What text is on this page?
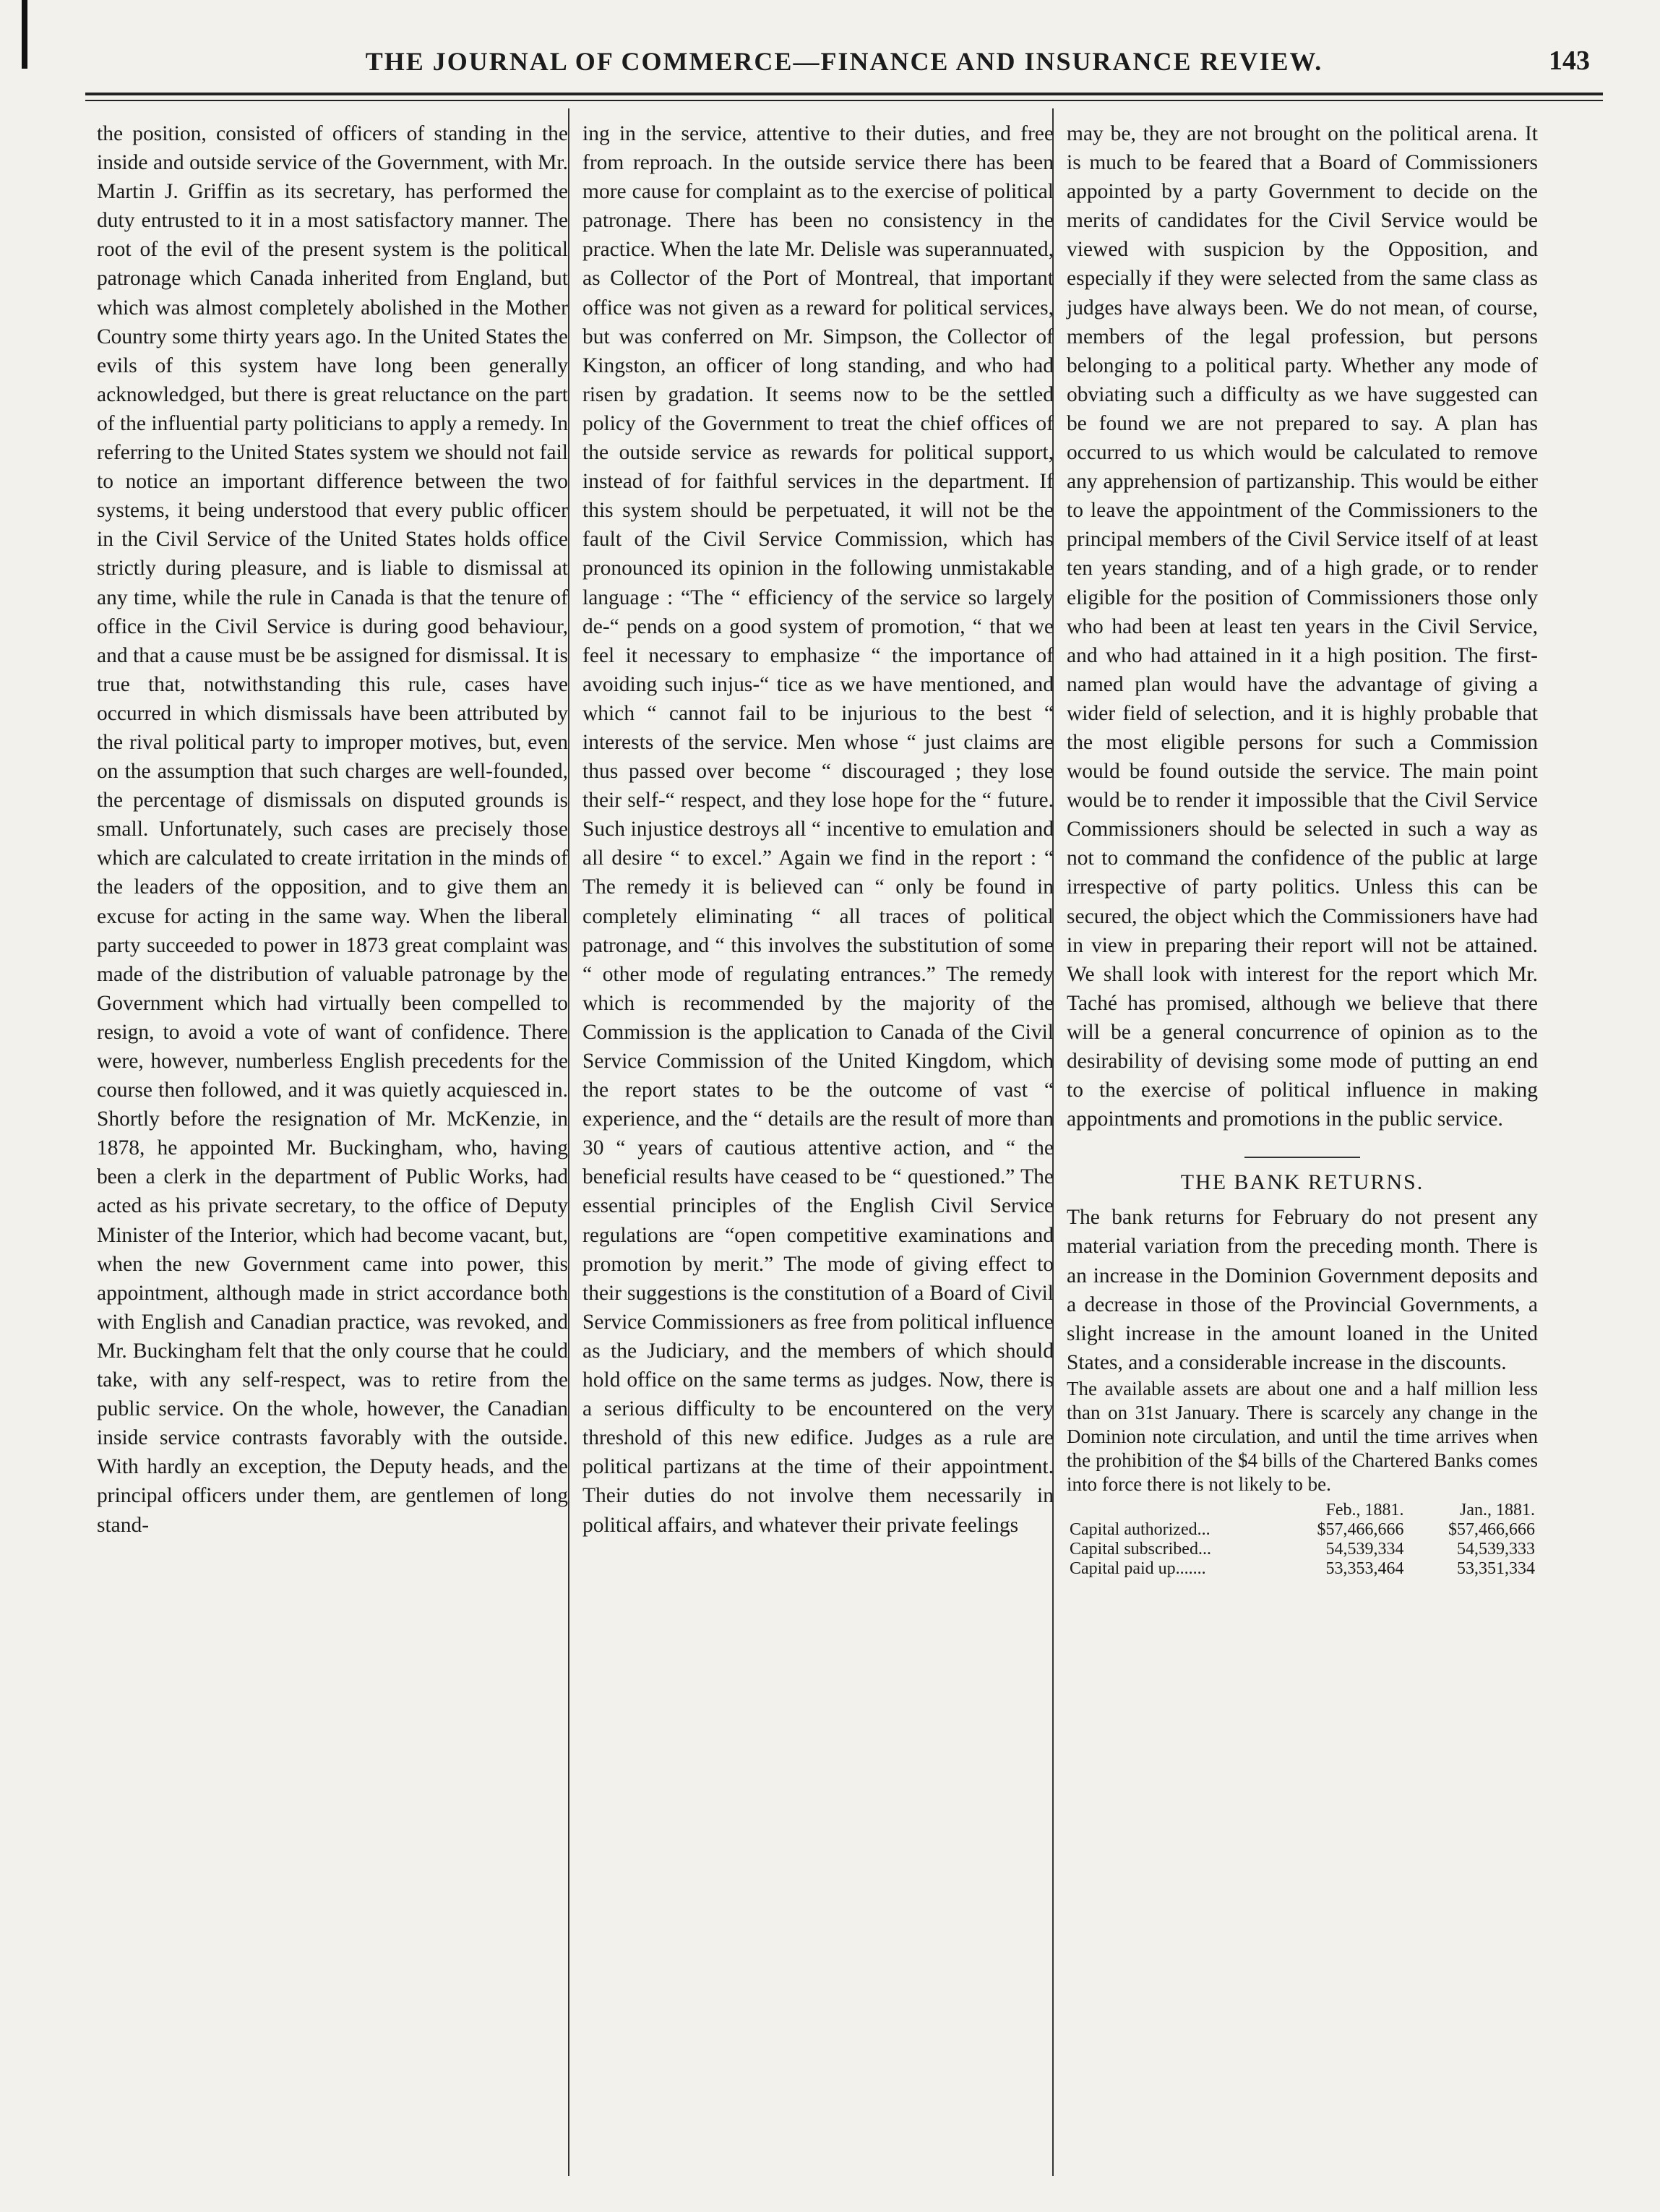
THE JOURNAL OF COMMERCE—FINANCE AND INSURANCE REVIEW.	143

the position, consisted of officers of standing in the inside and outside service of the Government, with Mr. Martin J. Griffin as its secretary, has performed the duty entrusted to it in a most satisfactory manner. The root of the evil of the present system is the political patronage which Canada inherited from England, but which was almost completely abolished in the Mother Country some thirty years ago. In the United States the evils of this system have long been generally acknowledged, but there is great reluctance on the part of the influential party politicians to apply a remedy. In referring to the United States system we should not fail to notice an important difference between the two systems, it being understood that every public officer in the Civil Service of the United States holds office strictly during pleasure, and is liable to dismissal at any time, while the rule in Canada is that the tenure of office in the Civil Service is during good behaviour, and that a cause must be be assigned for dismissal. It is true that, notwithstanding this rule, cases have occurred in which dismissals have been attributed by the rival political party to improper motives, but, even on the assumption that such charges are well-founded, the percentage of dismissals on disputed grounds is small. Unfortunately, such cases are precisely those which are calculated to create irritation in the minds of the leaders of the opposition, and to give them an excuse for acting in the same way. When the liberal party succeeded to power in 1873 great complaint was made of the distribution of valuable patronage by the Government which had virtually been compelled to resign, to avoid a vote of want of confidence. There were, however, numberless English precedents for the course then followed, and it was quietly acquiesced in. Shortly before the resignation of Mr. McKenzie, in 1878, he appointed Mr. Buckingham, who, having been a clerk in the department of Public Works, had acted as his private secretary, to the office of Deputy Minister of the Interior, which had become vacant, but, when the new Government came into power, this appointment, although made in strict accordance both with English and Canadian practice, was revoked, and Mr. Buckingham felt that the only course that he could take, with any self-respect, was to retire from the public service. On the whole, however, the Canadian inside service contrasts favorably with the outside. With hardly an exception, the Deputy heads, and the principal officers under them, are gentlemen of long stand-

ing in the service, attentive to their duties, and free from reproach. In the outside service there has been more cause for complaint as to the exercise of political patronage. There has been no consistency in the practice. When the late Mr. Delisle was superannuated, as Collector of the Port of Montreal, that important office was not given as a reward for political services, but was conferred on Mr. Simpson, the Collector of Kingston, an officer of long standing, and who had risen by gradation. It seems now to be the settled policy of the Government to treat the chief offices of the outside service as rewards for political support, instead of for faithful services in the department. If this system should be perpetuated, it will not be the fault of the Civil Service Commission, which has pronounced its opinion in the following unmistakable language : “The “ efficiency of the service so largely de-“ pends on a good system of promotion, “ that we feel it necessary to emphasize “ the importance of avoiding such injus-“ tice as we have mentioned, and which “ cannot fail to be injurious to the best “ interests of the service. Men whose “ just claims are thus passed over become “ discouraged ; they lose their self-“ respect, and they lose hope for the “ future. Such injustice destroys all “ incentive to emulation and all desire “ to excel.” Again we find in the report : “ The remedy it is believed can “ only be found in completely eliminating “ all traces of political patronage, and “ this involves the substitution of some “ other mode of regulating entrances.” The remedy which is recommended by the majority of the Commission is the application to Canada of the Civil Service Commission of the United Kingdom, which the report states to be the outcome of vast “ experience, and the “ details are the result of more than 30 “ years of cautious attentive action, and “ the beneficial results have ceased to be “ questioned.” The essential principles of the English Civil Service regulations are “open competitive examinations and promotion by merit.” The mode of giving effect to their suggestions is the constitution of a Board of Civil Service Commissioners as free from political influence as the Judiciary, and the members of which should hold office on the same terms as judges. Now, there is a serious difficulty to be encountered on the very threshold of this new edifice. Judges as a rule are political partizans at the time of their appointment. Their duties do not involve them necessarily in political affairs, and whatever their private feelings

may be, they are not brought on the political arena. It is much to be feared that a Board of Commissioners appointed by a party Government to decide on the merits of candidates for the Civil Service would be viewed with suspicion by the Opposition, and especially if they were selected from the same class as judges have always been. We do not mean, of course, members of the legal profession, but persons belonging to a political party. Whether any mode of obviating such a difficulty as we have suggested can be found we are not prepared to say. A plan has occurred to us which would be calculated to remove any apprehension of partizanship. This would be either to leave the appointment of the Commissioners to the principal members of the Civil Service itself of at least ten years standing, and of a high grade, or to render eligible for the position of Commissioners those only who had been at least ten years in the Civil Service, and who had attained in it a high position. The first-named plan would have the advantage of giving a wider field of selection, and it is highly probable that the most eligible persons for such a Commission would be found outside the service. The main point would be to render it impossible that the Civil Service Commissioners should be selected in such a way as not to command the confidence of the public at large irrespective of party politics. Unless this can be secured, the object which the Commissioners have had in view in preparing their report will not be attained. We shall look with interest for the report which Mr. Taché has promised, although we believe that there will be a general concurrence of opinion as to the desirability of devising some mode of putting an end to the exercise of political influence in making appointments and promotions in the public service.

THE BANK RETURNS.

The bank returns for February do not present any material variation from the preceding month. There is an increase in the Dominion Government deposits and a decrease in those of the Provincial Governments, a slight increase in the amount loaned in the United States, and a considerable increase in the discounts.

The available assets are about one and a half million less than on 31st January. There is scarcely any change in the Dominion note circulation, and until the time arrives when the prohibition of the $4 bills of the Chartered Banks comes into force there is not likely to be.

	Feb., 1881.	Jan., 1881.
Capital authorized...	$57,466,666	$57,466,666
Capital subscribed...	54,539,334	54,539,333
Capital paid up.......	53,353,464	53,351,334
